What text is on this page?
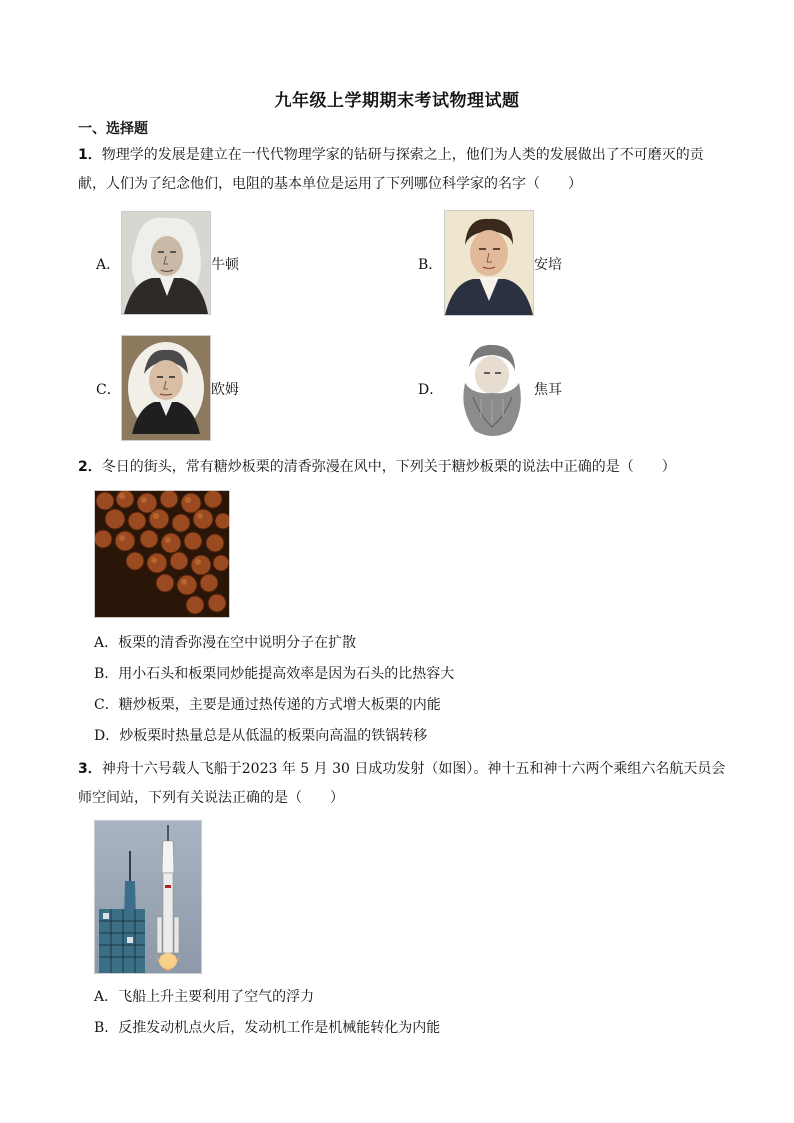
九年级上学期期末考试物理试题
一、选择题
1．物理学的发展是建立在一代代物理学家的钻研与探索之上，他们为人类的发展做出了不可磨灭的贡
献，人们为了纪念他们，电阻的基本单位是运用了下列哪位科学家的名字（　　）
A．	牛顿	B．	安培
C．	欧姆	D．	焦耳
2．冬日的街头，常有糖炒板栗的清香弥漫在风中，下列关于糖炒板栗的说法中正确的是（　　）
A．板栗的清香弥漫在空中说明分子在扩散
B．用小石头和板栗同炒能提高效率是因为石头的比热容大
C．糖炒板栗，主要是通过热传递的方式增大板栗的内能
D．炒板栗时热量总是从低温的板栗向高温的铁锅转移
3．神舟十六号载人飞船于2023 年 5 月 30 日成功发射（如图）。神十五和神十六两个乘组六名航天员会
师空间站，下列有关说法正确的是（　　）
A．飞船上升主要利用了空气的浮力
B．反推发动机点火后，发动机工作是机械能转化为内能
